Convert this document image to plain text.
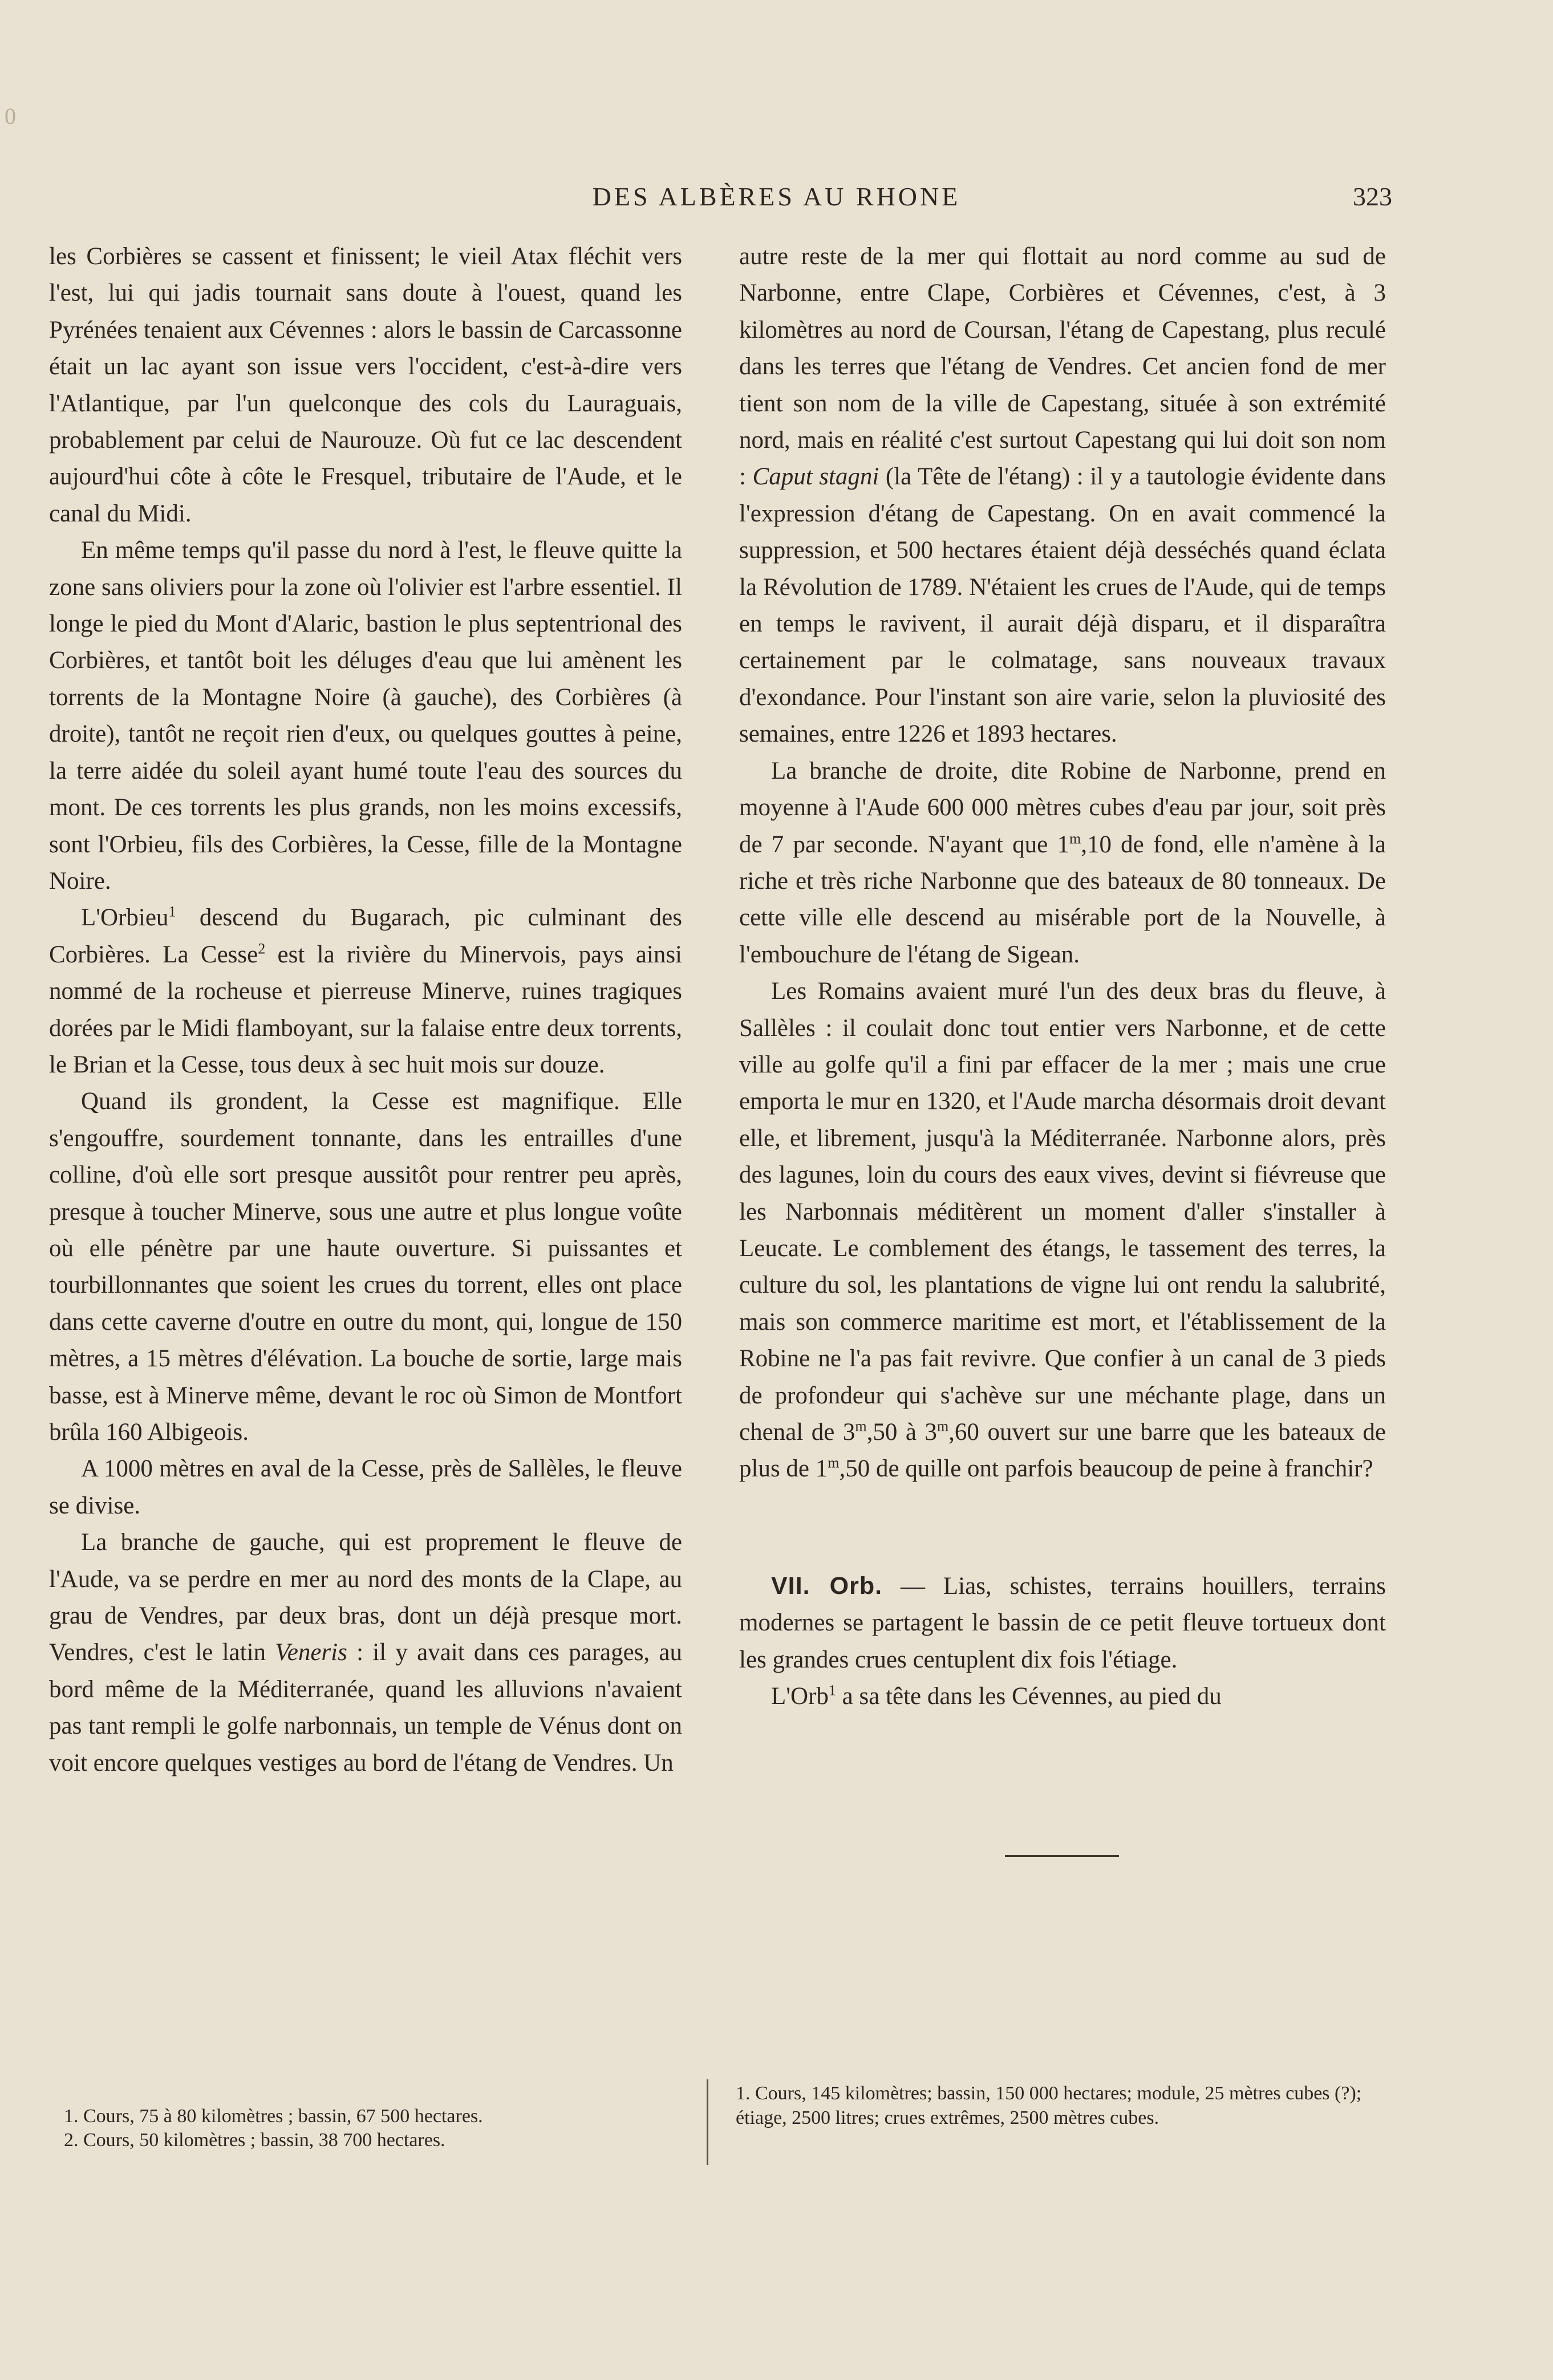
0
DES ALBÈRES AU RHONE	323

les Corbières se cassent et finissent; le vieil Atax fléchit vers l'est, lui qui jadis tournait sans doute à l'ouest, quand les Pyrénées tenaient aux Cévennes : alors le bassin de Carcassonne était un lac ayant son issue vers l'occident, c'est-à-dire vers l'Atlantique, par l'un quelconque des cols du Lauraguais, probablement par celui de Naurouze. Où fut ce lac descendent aujourd'hui côte à côte le Fresquel, tributaire de l'Aude, et le canal du Midi.

En même temps qu'il passe du nord à l'est, le fleuve quitte la zone sans oliviers pour la zone où l'olivier est l'arbre essentiel. Il longe le pied du Mont d'Alaric, bastion le plus septentrional des Corbières, et tantôt boit les déluges d'eau que lui amènent les torrents de la Montagne Noire (à gauche), des Corbières (à droite), tantôt ne reçoit rien d'eux, ou quelques gouttes à peine, la terre aidée du soleil ayant humé toute l'eau des sources du mont. De ces torrents les plus grands, non les moins excessifs, sont l'Orbieu, fils des Corbières, la Cesse, fille de la Montagne Noire.

L'Orbieu$^1$ descend du Bugarach, pic culminant des Corbières. La Cesse$^2$ est la rivière du Minervois, pays ainsi nommé de la rocheuse et pierreuse Minerve, ruines tragiques dorées par le Midi flamboyant, sur la falaise entre deux torrents, le Brian et la Cesse, tous deux à sec huit mois sur douze.

Quand ils grondent, la Cesse est magnifique. Elle s'engouffre, sourdement tonnante, dans les entrailles d'une colline, d'où elle sort presque aussitôt pour rentrer peu après, presque à toucher Minerve, sous une autre et plus longue voûte où elle pénètre par une haute ouverture. Si puissantes et tourbillonnantes que soient les crues du torrent, elles ont place dans cette caverne d'outre en outre du mont, qui, longue de 150 mètres, a 15 mètres d'élévation. La bouche de sortie, large mais basse, est à Minerve même, devant le roc où Simon de Montfort brûla 160 Albigeois.

A 1000 mètres en aval de la Cesse, près de Sallèles, le fleuve se divise.

La branche de gauche, qui est proprement le fleuve de l'Aude, va se perdre en mer au nord des monts de la Clape, au grau de Vendres, par deux bras, dont un déjà presque mort. Vendres, c'est le latin Veneris : il y avait dans ces parages, au bord même de la Méditerranée, quand les alluvions n'avaient pas tant rempli le golfe narbonnais, un temple de Vénus dont on voit encore quelques vestiges au bord de l'étang de Vendres. Un

autre reste de la mer qui flottait au nord comme au sud de Narbonne, entre Clape, Corbières et Cévennes, c'est, à 3 kilomètres au nord de Coursan, l'étang de Capestang, plus reculé dans les terres que l'étang de Vendres. Cet ancien fond de mer tient son nom de la ville de Capestang, située à son extrémité nord, mais en réalité c'est surtout Capestang qui lui doit son nom : Caput stagni (la Tête de l'étang) : il y a tautologie évidente dans l'expression d'étang de Capestang. On en avait commencé la suppression, et 500 hectares étaient déjà desséchés quand éclata la Révolution de 1789. N'étaient les crues de l'Aude, qui de temps en temps le ravivent, il aurait déjà disparu, et il disparaîtra certainement par le colmatage, sans nouveaux travaux d'exondance. Pour l'instant son aire varie, selon la pluviosité des semaines, entre 1226 et 1893 hectares.

La branche de droite, dite Robine de Narbonne, prend en moyenne à l'Aude 600 000 mètres cubes d'eau par jour, soit près de 7 par seconde. N'ayant que 1$^m$,10 de fond, elle n'amène à la riche et très riche Narbonne que des bateaux de 80 tonneaux. De cette ville elle descend au misérable port de la Nouvelle, à l'embouchure de l'étang de Sigean.

Les Romains avaient muré l'un des deux bras du fleuve, à Sallèles : il coulait donc tout entier vers Narbonne, et de cette ville au golfe qu'il a fini par effacer de la mer ; mais une crue emporta le mur en 1320, et l'Aude marcha désormais droit devant elle, et librement, jusqu'à la Méditerranée. Narbonne alors, près des lagunes, loin du cours des eaux vives, devint si fiévreuse que les Narbonnais méditèrent un moment d'aller s'installer à Leucate. Le comblement des étangs, le tassement des terres, la culture du sol, les plantations de vigne lui ont rendu la salubrité, mais son commerce maritime est mort, et l'établissement de la Robine ne l'a pas fait revivre. Que confier à un canal de 3 pieds de profondeur qui s'achève sur une méchante plage, dans un chenal de 3$^m$,50 à 3$^m$,60 ouvert sur une barre que les bateaux de plus de 1$^m$,50 de quille ont parfois beaucoup de peine à franchir?

VII. Orb. — Lias, schistes, terrains houillers, terrains modernes se partagent le bassin de ce petit fleuve tortueux dont les grandes crues centuplent dix fois l'étiage.

L'Orb$^1$ a sa tête dans les Cévennes, au pied du

1. Cours, 75 à 80 kilomètres ; bassin, 67 500 hectares.
2. Cours, 50 kilomètres ; bassin, 38 700 hectares.
1. Cours, 145 kilomètres; bassin, 150 000 hectares; module, 25 mètres cubes (?); étiage, 2500 litres; crues extrêmes, 2500 mètres cubes.
